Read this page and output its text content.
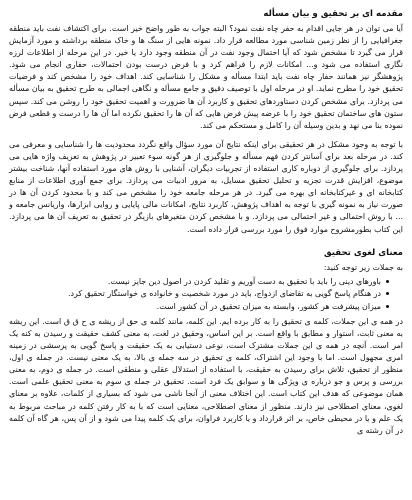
مقدمه ای بر تحقیق و بیان مسأله

آیا می توان در هر جایی اقدام به حفر چاه نفت نمود؟ البته جواب به طور واضح خیر است. برای اکتشاف نفت باید منطقه جغرافیایی را از نظر زمین شناسی مورد مطالعه قرار داد. نمونه هایی از سنگ ها و خاک منطقه برداشته و مورد آزمایش قرار می گیرد تا مشخص شود که آیا احتمال وجود نفت در آن منطقه وجود دارد یا خیر. در این مرحله از اطلاعات لرزه نگاری استفاده می شود و... امکانات لازم را فراهم کرد و با فرض درست بودن احتمالات، حفاری انجام می شود. پژوهشگر نیز همانند حفار چاه نفت باید ابتدا مسأله و مشکل را شناسایی کند. اهداف خود را مشخص کند و فرضیات تحقیق خود را مطرح نماید. او در مرحله اول با توصیف دقیق و جامع مسأله و نگاهی اجمالی به طرح تحقیق به بیان مسأله می پردازد. برای مشخص کردن دستاوردهای تحقیق و کاربرد آن ها ضرورت و اهمیت تحقیق خود را روشن می کند. سپس ستون های ساختمان تحقیق خود را با عرضه پیش فرض هایی که آن ها را تحقیق نکرده اما آن ها را درست و قطعی فرض نموده بنا می نهد و بدین وسیله آن را کامل و مستحکم می کند.

با توجه به وجود مشکل در هر تحقیقی برای اینکه نتایج آن مورد سؤال واقع نگردد محدودیت ها را شناسایی و معرفی می کند. در مرحله بعد برای آسانتر کردن فهم مسأله و جلوگیری از هر گونه سوء تعبیر در پژوهش به تعریف واژه هایی می پردازد. برای جلوگیری از دوباره کاری استفاده از تجربیات دیگران، آشنایی با روش های مورد استفاده آنها، شناخت بیشتر موضوع، افزایش قدرت تجزیه و تحلیل تحقیق مسایل، به مرور ادبیات می پردازد. برای جمع آوری اطلاعات از منابع کتابخانه ای و غیرکتابخانه ای بهره می گیرد. در هر مرحله جامعه خود را مشخص می کند و با محدود کردن آن ها در صورت نیاز به نمونه گیری با توجه به اهداف پژوهش، کاربرد نتایج، امکانات مالی پایایی و روایی ابزارها، واریانس جامعه و ... با روش احتمالی و غیر احتمالی می پردازد. و با مشخص کردن متغیرهای بازیگر در تحقیق به تعریف آن ها می پردازد. این کتاب بطورمشروح موارد فوق را مورد بررسی قرار داده است.

معنای لغوی تحقیق

به جملات زیر توجه کنید:

باورهای دینی را باید با تحقیق به دست آوریم و تقلید کردن در اصول دین جایز نیست.
در هنگام پاسخ گویی به تقاضای ازدواج، باید در مورد شخصیت و خانواده ی خواستگار تحقیق کرد.
میزان پیشرفت هر کشور، وابسته به میزان تحقیق در آن کشور است.

در همه ی این جملات، کلمه ی تحقیق را به کار برده ایم. این کلمه، مانند کلمه ی حق از ریشه ی ح ق ق است. این ریشه به معنی ثابت، استوار و مطابق با واقع است. بر این اساس، وحقیق در لغت، به معنی کشف حقیقت و رسیدن به کنه یک امر است. آنچه در همه ی این جملات مشترک است، نوعی دستیابی به یک حقیقت و پاسخ گویی به پرسشی در زمینه امری مجهول است. اما با وجود این اشتراک، کلمه ی تحقیق در سه جمله ی بالا، به یک معنی نیست. در جمله ی اول، منظور از تحقیق، تلاش برای رسیدن به حقیقت، با استفاده از استدلال عقلی و منطقی است. در جمله ی دوم، به معنی بررسی و پرس و جو درباره ی ویژگی ها و سوابق یک فرد است. تحقیق در جمله ی سوم به معنی تحقیق علمی است. همان موضوعی که هدف این کتاب است. این اختلاف معنی از آنجا ناشی می شود که بسیاری از کلمات، علاوه بر معنای لغوی، معنای اصطلاحی نیز دارند. منظور از معنای اصطلاحی، معنایی است که با به کار رفتن کلمه در مباحث مربوط به یک علم و یا در محیطی خاص، بر اثر قرارداد و یا کاربرد فراوان، برای یک کلمه پیدا می شود و از آن پس، هر گاه آن کلمه در آن رشته ی
